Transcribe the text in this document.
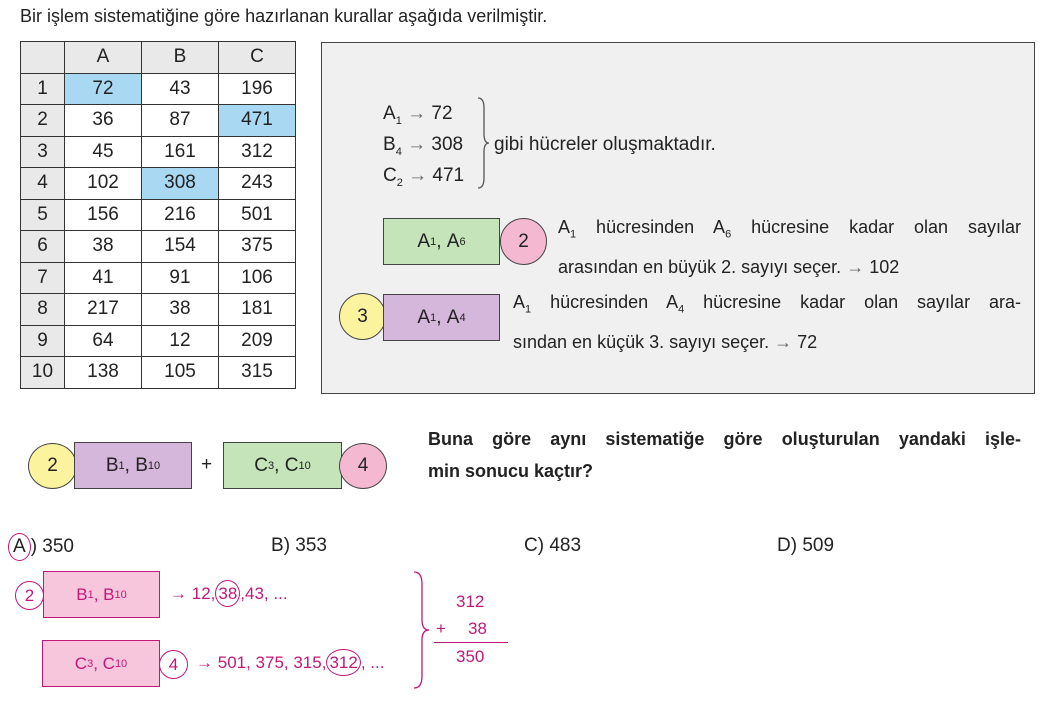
Bir işlem sistematiğine göre hazırlanan kurallar aşağıda verilmiştir.
	A	B	C
1	72	43	196
2	36	87	471
3	45	161	312
4	102	308	243
5	156	216	501
6	38	154	375
7	41	91	106
8	217	38	181
9	64	12	209
10	138	105	315
$A_1 \to 72$
$B_4 \to 308$
$C_2 \to 471$
gibi hücreler oluşmaktadır.
A 1 , A 6	2
$A_1$ hücresinden $A_6$ hücresine kadar olan sayılar
arasından en büyük 2. sayıyı seçer. → 102
3	A 1 , A 4
$A_1$ hücresinden $A_4$ hücresine kadar olan sayılar ara-
sından en küçük 3. sayıyı seçer. → 72
2	B 1 , B 10 + C 3 , C 10	4
Buna göre aynı sistematiğe göre oluşturulan yandaki işle-
min sonucu kaçtır?
A ) 350	B) 353	C) 483	D) 509
2	B 1 , B 10	→ 12, 38 ,43, ...
C 3 , C 10	4	→ 501, 375, 315, 312 , ...
312
+ 38
350
